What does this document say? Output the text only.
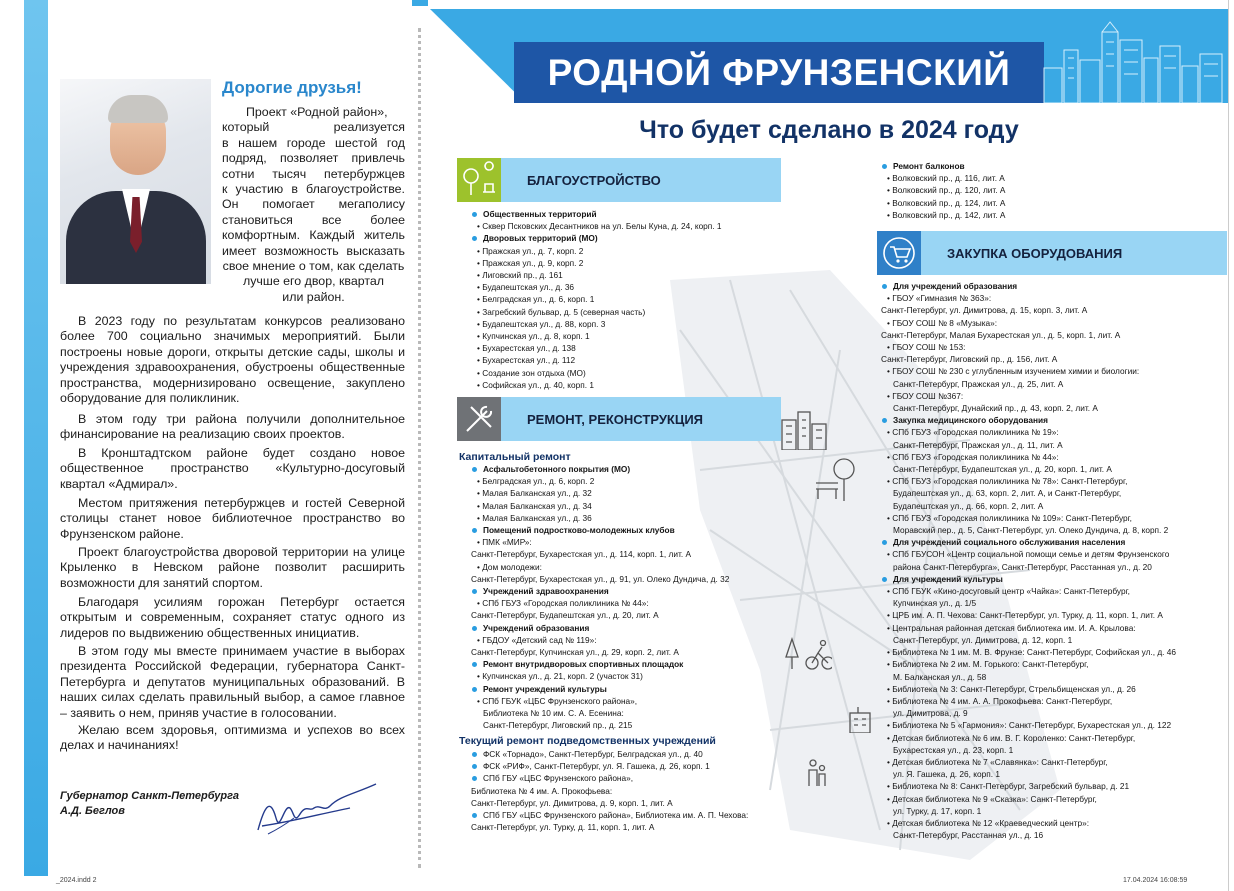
Дорогие друзья!
Проект «Родной район»,
который реализуется
в нашем городе шестой год
подряд, позволяет привлечь
сотни тысяч петербуржцев
к участию в благоустройстве.
Он помогает мегаполису
становиться все более
комфортным. Каждый житель
имеет возможность высказать
свое мнение о том, как сделать
лучше его двор, квартал
или район.
В 2023 году по результатам конкурсов реализовано более 700 социально значимых мероприятий. Были построены новые дороги, открыты детские сады, школы и учреждения здравоохранения, обустроены общественные пространства, модернизировано освещение, закуплено оборудование для поликлиник.
В этом году три района получили дополнительное финансирование на реализацию своих проектов.
В Кронштадтском районе будет создано новое общественное пространство «Культурно-досуговый квартал «Адмирал».
Местом притяжения петербуржцев и гостей Северной столицы станет новое библиотечное пространство во Фрунзенском районе.
Проект благоустройства дворовой территории на улице Крыленко в Невском районе позволит расширить возможности для занятий спортом.
Благодаря усилиям горожан Петербург остается открытым и современным, сохраняет статус одного из лидеров по выдвижению общественных инициатив.
В этом году мы вместе принимаем участие в выборах президента Российской Федерации, губернатора Санкт-Петербурга и депутатов муниципальных образований. В наших силах сделать правильный выбор, а самое главное – заявить о нем, приняв участие в голосовании.
Желаю всем здоровья, оптимизма и успехов во всех делах и начинаниях!
Губернатор Санкт-Петербурга
А.Д. Беглов
_2024.indd 2
РОДНОЙ ФРУНЗЕНСКИЙ
Что будет сделано в 2024 году
БЛАГОУСТРОЙСТВО
Общественных территорий
• Сквер Псковских Десантников на ул. Белы Куна, д. 24, корп. 1
Дворовых территорий (МО)
• Пражская ул., д. 7, корп. 2
• Пражская ул., д. 9, корп. 2
• Лиговский пр., д. 161
• Будапештская ул., д. 36
• Белградская ул., д. 6, корп. 1
• Загребский бульвар, д. 5 (северная часть)
• Будапештская ул., д. 88, корп. 3
• Купчинская ул., д. 8, корп. 1
• Бухарестская ул., д. 138
• Бухарестская ул., д. 112
• Создание зон отдыха (МО)
• Софийская ул., д. 40, корп. 1
РЕМОНТ, РЕКОНСТРУКЦИЯ
Капитальный ремонт
Асфальтобетонного покрытия (МО)
• Белградская ул., д. 6, корп. 2
• Малая Балканская ул., д. 32
• Малая Балканская ул., д. 34
• Малая Балканская ул., д. 36
Помещений подростково-молодежных клубов
• ПМК «МИР»:
Санкт-Петербург, Бухарестская ул., д. 114, корп. 1, лит. А
• Дом молодежи:
Санкт-Петербург, Бухарестская ул., д. 91, ул. Олеко Дундича, д. 32
Учреждений здравоохранения
• СПб ГБУЗ «Городская поликлиника № 44»:
Санкт-Петербург, Будапештская ул., д. 20, лит. А
Учреждений образования
• ГБДОУ «Детский сад № 119»:
Санкт-Петербург, Купчинская ул., д. 29, корп. 2, лит. А
Ремонт внутридворовых спортивных площадок
• Купчинская ул., д. 21, корп. 2 (участок 31)
Ремонт учреждений культуры
• СПб ГБУК «ЦБС Фрунзенского района»,
Библиотека № 10 им. С. А. Есенина:
Санкт-Петербург, Лиговский пр., д. 215
Текущий ремонт подведомственных учреждений
ФСК «Торнадо», Санкт-Петербург, Белградская ул., д. 40
ФСК «РИФ», Санкт-Петербург, ул. Я. Гашека, д. 26, корп. 1
СПб ГБУ «ЦБС Фрунзенского района»,
Библиотека № 4 им. А. Прокофьева:
Санкт-Петербург, ул. Димитрова, д. 9, корп. 1, лит. А
СПб ГБУ «ЦБС Фрунзенского района», Библиотека им. А. П. Чехова:
Санкт-Петербург, ул. Турку, д. 11, корп. 1, лит. А
Ремонт балконов
• Волковский пр., д. 116, лит. А
• Волковский пр., д. 120, лит. А
• Волковский пр., д. 124, лит. А
• Волковский пр., д. 142, лит. А
ЗАКУПКА ОБОРУДОВАНИЯ
Для учреждений образования
• ГБОУ «Гимназия № 363»:
Санкт-Петербург, ул. Димитрова, д. 15, корп. 3, лит. А
• ГБОУ СОШ № 8 «Музыка»:
Санкт-Петербург, Малая Бухарестская ул., д. 5, корп. 1, лит. А
• ГБОУ СОШ № 153:
Санкт-Петербург, Лиговский пр., д. 156, лит. А
• ГБОУ СОШ № 230 с углубленным изучением химии и биологии:
Санкт-Петербург, Пражская ул., д. 25, лит. А
• ГБОУ СОШ №367:
Санкт-Петербург, Дунайский пр., д. 43, корп. 2, лит. А
Закупка медицинского оборудования
• СПб ГБУЗ «Городская поликлиника № 19»:
Санкт-Петербург, Пражская ул., д. 11, лит. А
• СПб ГБУЗ «Городская поликлиника № 44»:
Санкт-Петербург, Будапештская ул., д. 20, корп. 1, лит. А
• СПб ГБУЗ «Городская поликлиника № 78»: Санкт-Петербург,
Будапештская ул., д. 63, корп. 2, лит. А, и Санкт-Петербург,
Будапештская ул., д. 66, корп. 2, лит. А
• СПб ГБУЗ «Городская поликлиника № 109»: Санкт-Петербург,
Моравский пер., д. 5, Санкт-Петербург, ул. Олеко Дундича, д. 8, корп. 2
Для учреждений социального обслуживания населения
• СПб ГБУСОН «Центр социальной помощи семье и детям Фрунзенского
района Санкт-Петербурга», Санкт-Петербург, Расстанная ул., д. 20
Для учреждений культуры
• СПб ГБУК «Кино-досуговый центр «Чайка»: Санкт-Петербург,
Купчинская ул., д. 1/5
• ЦРБ им. А. П. Чехова: Санкт-Петербург, ул. Турку, д. 11, корп. 1, лит. А
• Центральная районная детская библиотека им. И. А. Крылова:
Санкт-Петербург, ул. Димитрова, д. 12, корп. 1
• Библиотека № 1 им. М. В. Фрунзе: Санкт-Петербург, Софийская ул., д. 46
• Библиотека № 2 им. М. Горького: Санкт-Петербург,
М. Балканская ул., д. 58
• Библиотека № 3: Санкт-Петербург, Стрельбищенская ул., д. 26
• Библиотека № 4 им. А. А. Прокофьева: Санкт-Петербург,
ул. Димитрова, д. 9
• Библиотека № 5 «Гармония»: Санкт-Петербург, Бухарестская ул., д. 122
• Детская библиотека № 6 им. В. Г. Короленко: Санкт-Петербург,
Бухарестская ул., д. 23, корп. 1
• Детская библиотека № 7 «Славянка»: Санкт-Петербург,
ул. Я. Гашека, д. 26, корп. 1
• Библиотека № 8: Санкт-Петербург, Загребский бульвар, д. 21
• Детская библиотека № 9 «Сказка»: Санкт-Петербург,
ул. Турку, д. 17, корп. 1
• Детская библиотека № 12 «Краеведческий центр»:
Санкт-Петербург, Расстанная ул., д. 16
17.04.2024 16:08:59
